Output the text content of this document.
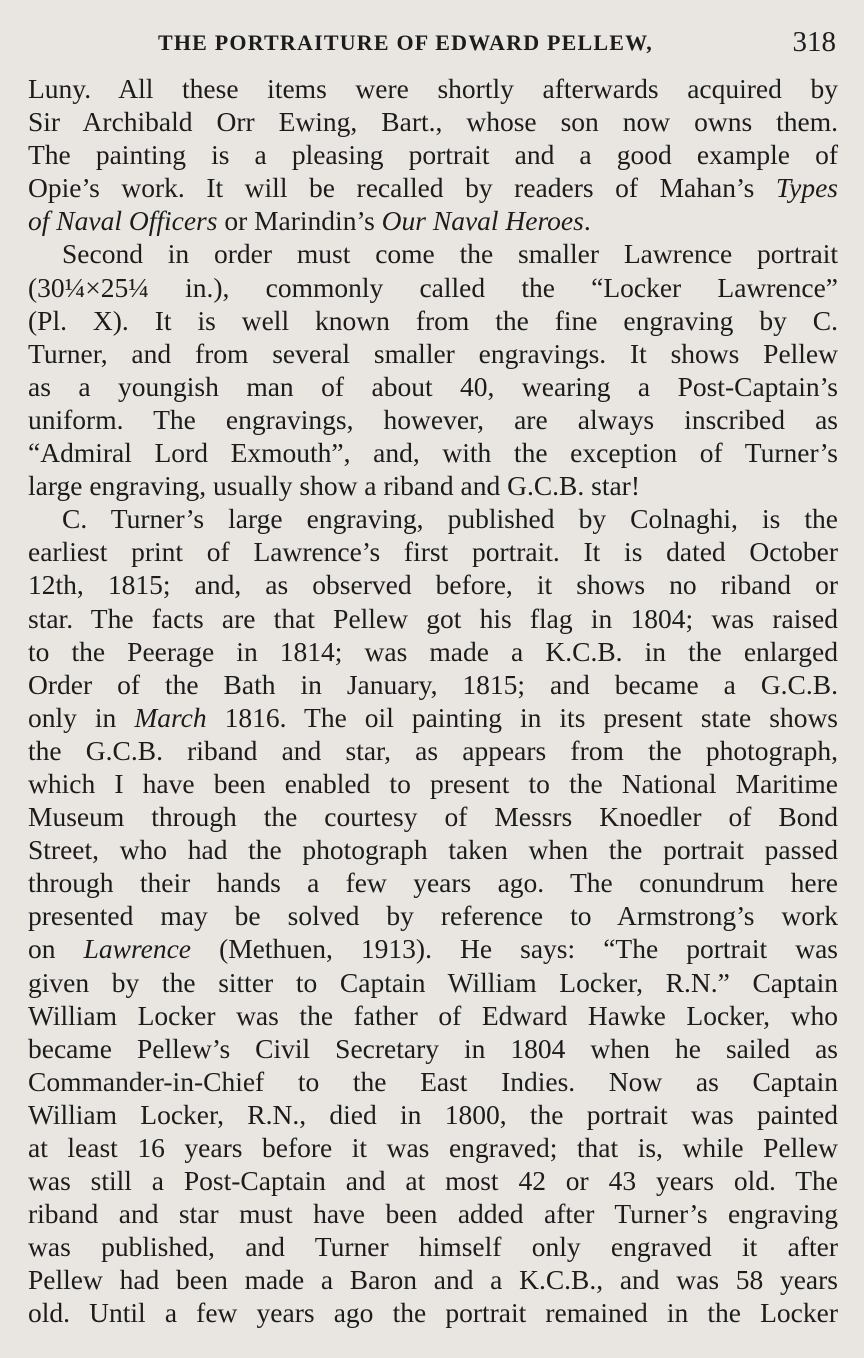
THE PORTRAITURE OF EDWARD PELLEW,	318
Luny. All these items were shortly afterwards acquired by
Sir Archibald Orr Ewing, Bart., whose son now owns them.
The painting is a pleasing portrait and a good example of
Opie’s work. It will be recalled by readers of Mahan’s Types
of Naval Officers or Marindin’s Our Naval Heroes.
Second in order must come the smaller Lawrence portrait
(30¼×25¼ in.), commonly called the “Locker Lawrence”
(Pl. X). It is well known from the fine engraving by C.
Turner, and from several smaller engravings. It shows Pellew
as a youngish man of about 40, wearing a Post-Captain’s
uniform. The engravings, however, are always inscribed as
“Admiral Lord Exmouth”, and, with the exception of Turner’s
large engraving, usually show a riband and G.C.B. star!
C. Turner’s large engraving, published by Colnaghi, is the
earliest print of Lawrence’s first portrait. It is dated October
12th, 1815; and, as observed before, it shows no riband or
star. The facts are that Pellew got his flag in 1804; was raised
to the Peerage in 1814; was made a K.C.B. in the enlarged
Order of the Bath in January, 1815; and became a G.C.B.
only in March 1816. The oil painting in its present state shows
the G.C.B. riband and star, as appears from the photograph,
which I have been enabled to present to the National Maritime
Museum through the courtesy of Messrs Knoedler of Bond
Street, who had the photograph taken when the portrait passed
through their hands a few years ago. The conundrum here
presented may be solved by reference to Armstrong’s work
on Lawrence (Methuen, 1913). He says: “The portrait was
given by the sitter to Captain William Locker, R.N.” Captain
William Locker was the father of Edward Hawke Locker, who
became Pellew’s Civil Secretary in 1804 when he sailed as
Commander-in-Chief to the East Indies. Now as Captain
William Locker, R.N., died in 1800, the portrait was painted
at least 16 years before it was engraved; that is, while Pellew
was still a Post-Captain and at most 42 or 43 years old. The
riband and star must have been added after Turner’s engraving
was published, and Turner himself only engraved it after
Pellew had been made a Baron and a K.C.B., and was 58 years
old. Until a few years ago the portrait remained in the Locker
